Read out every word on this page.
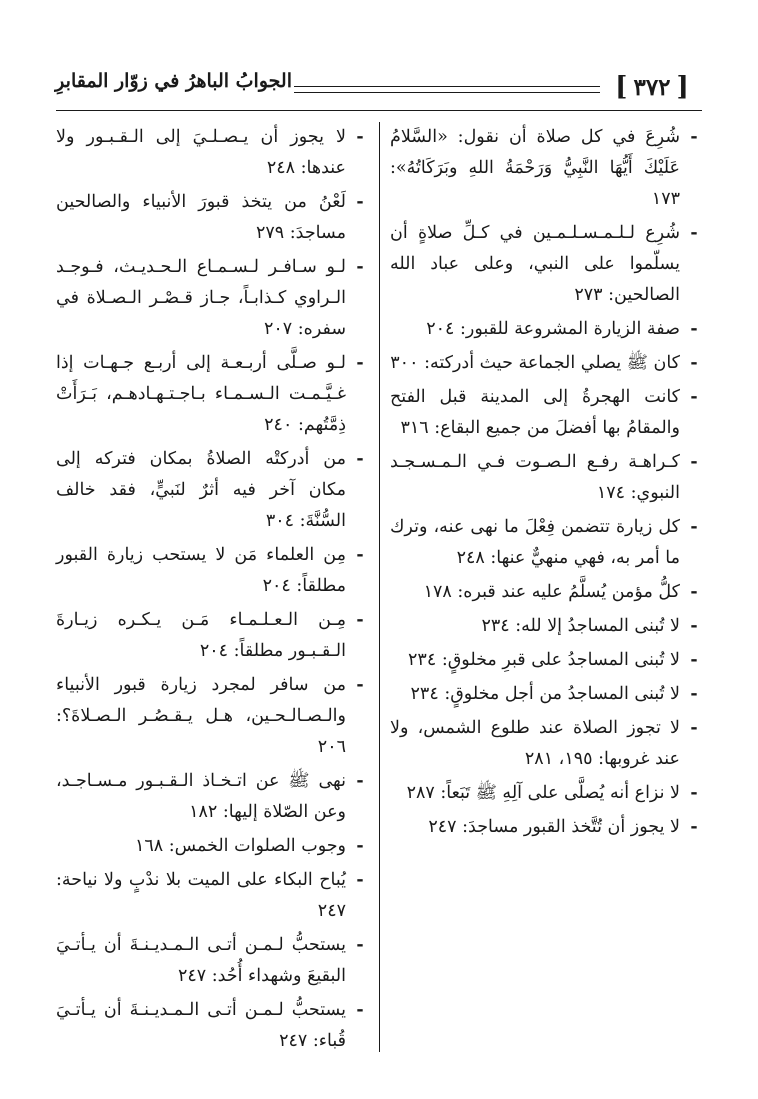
[
٣٧٢
]
الجوابُ الباهرُ في زوّار المقابرِ
-
شُرِعَ في كل صلاة أن نقول: «السَّلامُ عَلَيْكَ أَيُّهَا النَّبِيُّ وَرَحْمَةُ اللهِ وبَرَكَاتُهُ»: ١٧٣
-
شُرِع لـلـمـسـلـمـين في كـلِّ صلاةٍ أن يسلّموا على النبي، وعلى عباد الله الصالحين: ٢٧٣
-
صفة الزيارة المشروعة للقبور: ٢٠٤
-
كان ﷺ يصلي الجماعة حيث أدركته: ٣٠٠
-
كانت الهجرةُ إلى المدينة قبل الفتح والمقامُ بها أفضلَ من جميع البقاع: ٣١٦
-
كـراهـة رفـع الـصـوت فـي الـمـسـجـد النبوي: ١٧٤
-
كل زيارة تتضمن فِعْلَ ما نهى عنه، وترك ما أمر به، فهي منهيٌّ عنها: ٢٤٨
-
كلُّ مؤمن يُسلَّمُ عليه عند قبره: ١٧٨
-
لا تُبنى المساجدُ إلا لله: ٢٣٤
-
لا تُبنى المساجدُ على قبرِ مخلوقٍ: ٢٣٤
-
لا تُبنى المساجدُ من أجل مخلوقٍ: ٢٣٤
-
لا تجوز الصلاة عند طلوع الشمس، ولا عند غروبها: ١٩٥، ٢٨١
-
لا نزاع أنه يُصلَّى على آلِهِ ﷺ تَبَعاً: ٢٨٧
-
لا يجوز أن تُتَّخذ القبور مساجدَ: ٢٤٧
-
لا يجوز أن يـصـلـيَ إلى الـقـبـور ولا عندها: ٢٤٨
-
لَعْنُ من يتخذ قبورَ الأنبياء والصالحين مساجدَ: ٢٧٩
-
لـو سـافـر لـسـمـاع الـحـديـث، فـوجـد الـراوي كـذابـاً، جـاز قـصْـر الـصـلاة في سفره: ٢٠٧
-
لـو صـلَّى أربـعـة إلى أربـع جـهـات إذا غـيَّـمـت الـسـمـاء بـاجـتـهـادهـم، بَـرَأَتْ ذِمَّتُهم: ٢٤٠
-
من أدركتْه الصلاةُ بمكان فتركه إلى مكان آخر فيه أثرٌ لنَبيٍّ، فقد خالف السُّنَّةَ: ٣٠٤
-
مِن العلماء مَن لا يستحب زيارة القبور مطلقاً: ٢٠٤
-
مِـن الـعـلـمـاء مَـن يـكـره زيـارةَ الـقـبـور مطلقاً: ٢٠٤
-
من سافر لمجرد زيارة قبور الأنبياء والـصـالـحـين، هـل يـقـصُـر الـصـلاةَ؟: ٢٠٦
-
نهى ﷺ عن اتـخـاذ الـقـبـور مـسـاجـد، وعن الصّلاة إليها: ١٨٢
-
وجوب الصلوات الخمس: ١٦٨
-
يُباح البكاء على الميت بلا ندْبٍ ولا نياحة: ٢٤٧
-
يستحبُّ لـمـن أتـى الـمـديـنـةَ أن يـأتـيَ البقيعَ وشهداء أُحُد: ٢٤٧
-
يستحبُّ لـمـن أتـى الـمـديـنـةَ أن يـأتـيَ قُباء: ٢٤٧
